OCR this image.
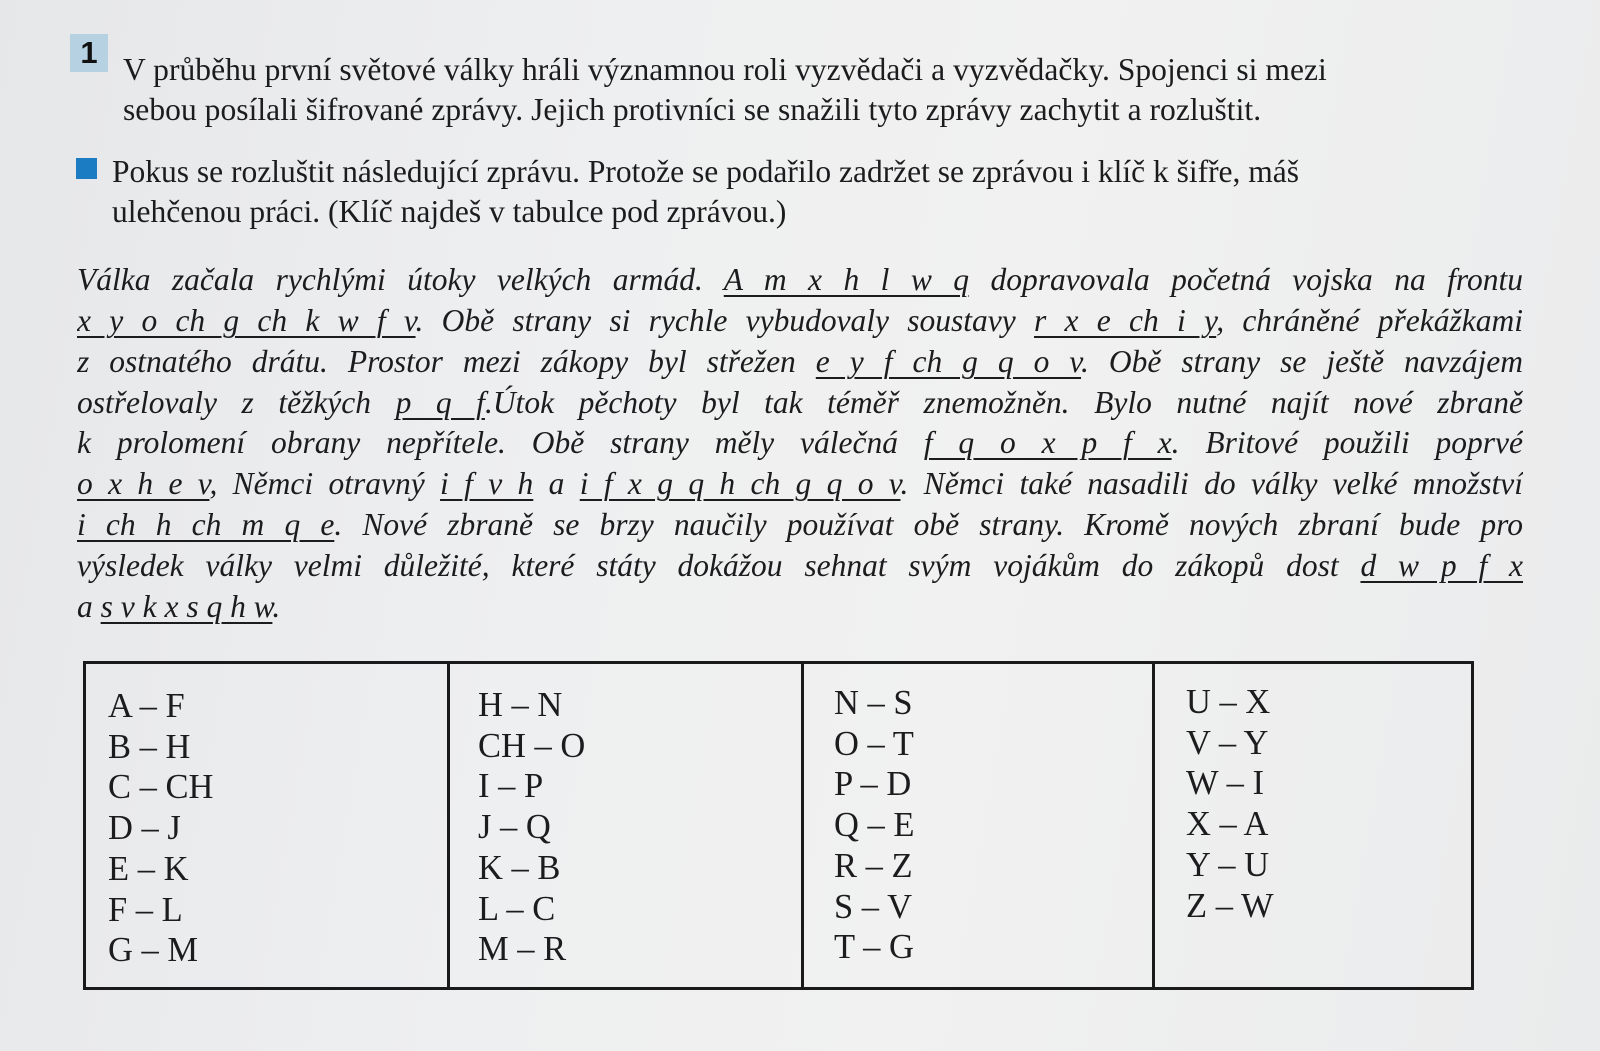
1 V průběhu první světové války hráli významnou roli vyzvědači a vyzvědačky. Spojenci si mezi
sebou posílali šifrované zprávy. Jejich protivníci se snažili tyto zprávy zachytit a rozluštit.
Pokus se rozluštit následující zprávu. Protože se podařilo zadržet se zprávou i klíč k šifře, máš
ulehčenou práci. (Klíč najdeš v tabulce pod zprávou.)
Válka začala rychlými útoky velkých armád. A m x h l w q dopravovala početná vojska na frontu
x y o ch g ch k w f v. Obě strany si rychle vybudovaly soustavy r x e ch i y, chráněné překážkami
z ostnatého drátu. Prostor mezi zákopy byl střežen e y f ch g q o v. Obě strany se ještě navzájem
ostřelovaly z těžkých p q f.Útok pěchoty byl tak téměř znemožněn. Bylo nutné najít nové zbraně
k prolomení obrany nepřítele. Obě strany měly válečná f q o x p f x. Britové použili poprvé
o x h e v, Němci otravný i f v h a i f x g q h ch g q o v. Němci také nasadili do války velké množství
i ch h ch m q e. Nové zbraně se brzy naučily používat obě strany. Kromě nových zbraní bude pro
výsledek války velmi důležité, které státy dokážou sehnat svým vojákům do zákopů dost d w p f x
a s v k x s q h w.
A – F
B – H
C – CH
D – J
E – K
F – L
G – M
H – N
CH – O
I – P
J – Q
K – B
L – C
M – R
N – S
O – T
P – D
Q – E
R – Z
S – V
T – G
U – X
V – Y
W – I
X – A
Y – U
Z – W
